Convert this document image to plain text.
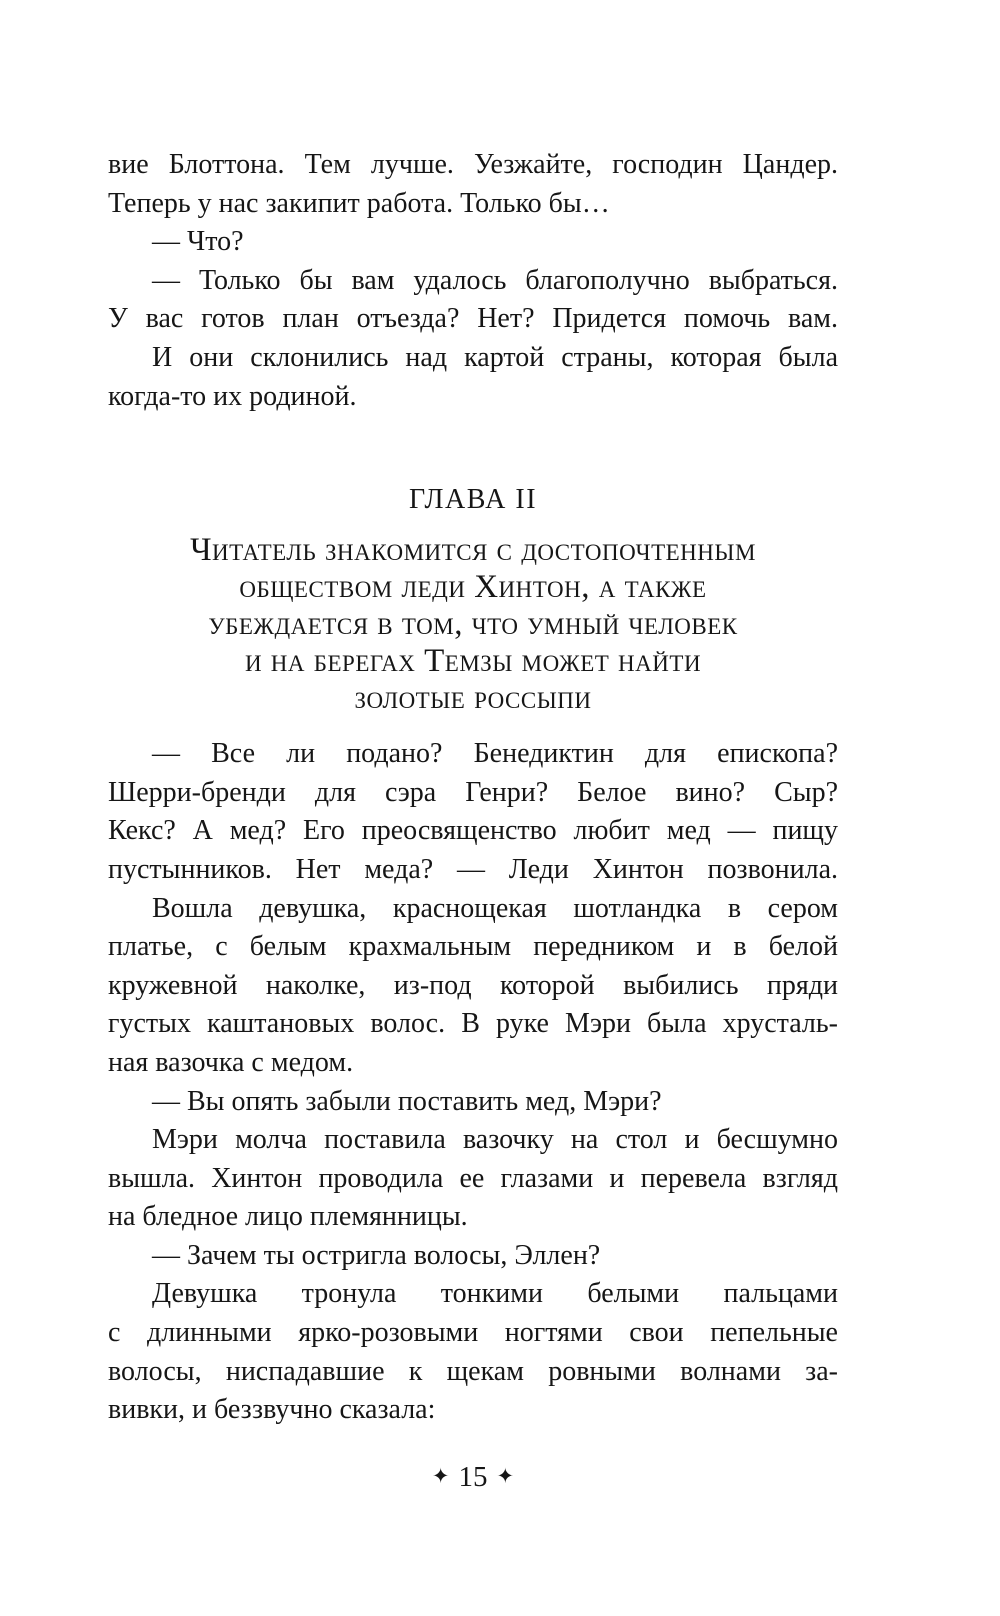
вие Блоттона. Тем лучше. Уезжайте, господин Цандер.
Теперь у нас закипит работа. Только бы…
— Что?
— Только бы вам удалось благополучно выбраться.
У вас готов план отъезда? Нет? Придется помочь вам.
И они склонились над картой страны, которая была
когда-то их родиной.
ГЛАВА II
Читатель знакомится с достопочтенным
обществом леди Хинтон, а также
убеждается в том, что умный человек
и на берегах Темзы может найти
золотые россыпи
— Все ли подано? Бенедиктин для епископа?
Шерри-бренди для сэра Генри? Белое вино? Сыр?
Кекс? А мед? Его преосвященство любит мед — пищу
пустынников. Нет меда? — Леди Хинтон позвонила.
Вошла девушка, краснощекая шотландка в сером
платье, с белым крахмальным передником и в белой
кружевной наколке, из-под которой выбились пряди
густых каштановых волос. В руке Мэри была хрусталь-
ная вазочка с медом.
— Вы опять забыли поставить мед, Мэри?
Мэри молча поставила вазочку на стол и бесшумно
вышла. Хинтон проводила ее глазами и перевела взгляд
на бледное лицо племянницы.
— Зачем ты остригла волосы, Эллен?
Девушка тронула тонкими белыми пальцами
с длинными ярко-розовыми ногтями свои пепельные
волосы, ниспадавшие к щекам ровными волнами за-
вивки, и беззвучно сказала:
✦ 15 ✦
